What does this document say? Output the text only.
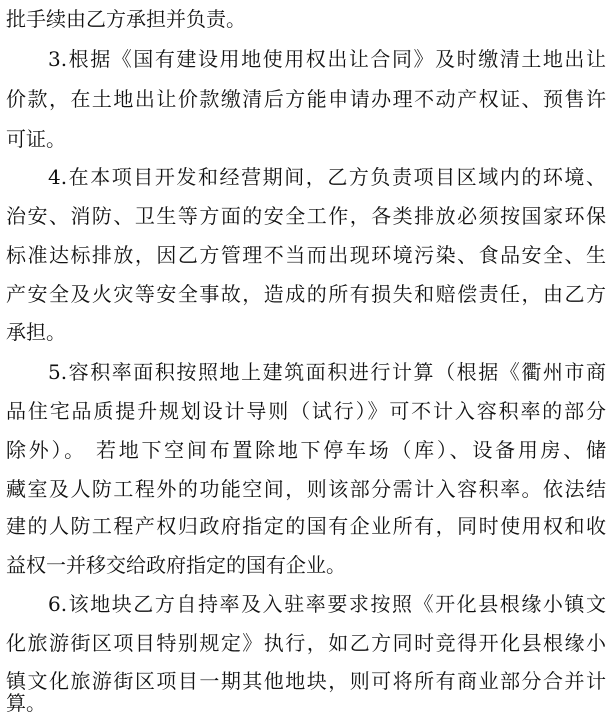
批手续由乙方承担并负责。
3.根据《国有建设用地使用权出让合同》及时缴清土地出让
价款，在土地出让价款缴清后方能申请办理不动产权证、预售许
可证。
4.在本项目开发和经营期间，乙方负责项目区域内的环境、
治安、消防、卫生等方面的安全工作，各类排放必须按国家环保
标准达标排放，因乙方管理不当而出现环境污染、食品安全、生
产安全及火灾等安全事故，造成的所有损失和赔偿责任，由乙方
承担。
5.容积率面积按照地上建筑面积进行计算（根据《衢州市商
品住宅品质提升规划设计导则（试行）》可不计入容积率的部分
除外）。 若地下空间布置除地下停车场（库）、设备用房、储
藏室及人防工程外的功能空间，则该部分需计入容积率。依法结
建的人防工程产权归政府指定的国有企业所有，同时使用权和收
益权一并移交给政府指定的国有企业。
6.该地块乙方自持率及入驻率要求按照《开化县根缘小镇文
化旅游街区项目特别规定》执行，如乙方同时竞得开化县根缘小
镇文化旅游街区项目一期其他地块，则可将所有商业部分合并计
算。
